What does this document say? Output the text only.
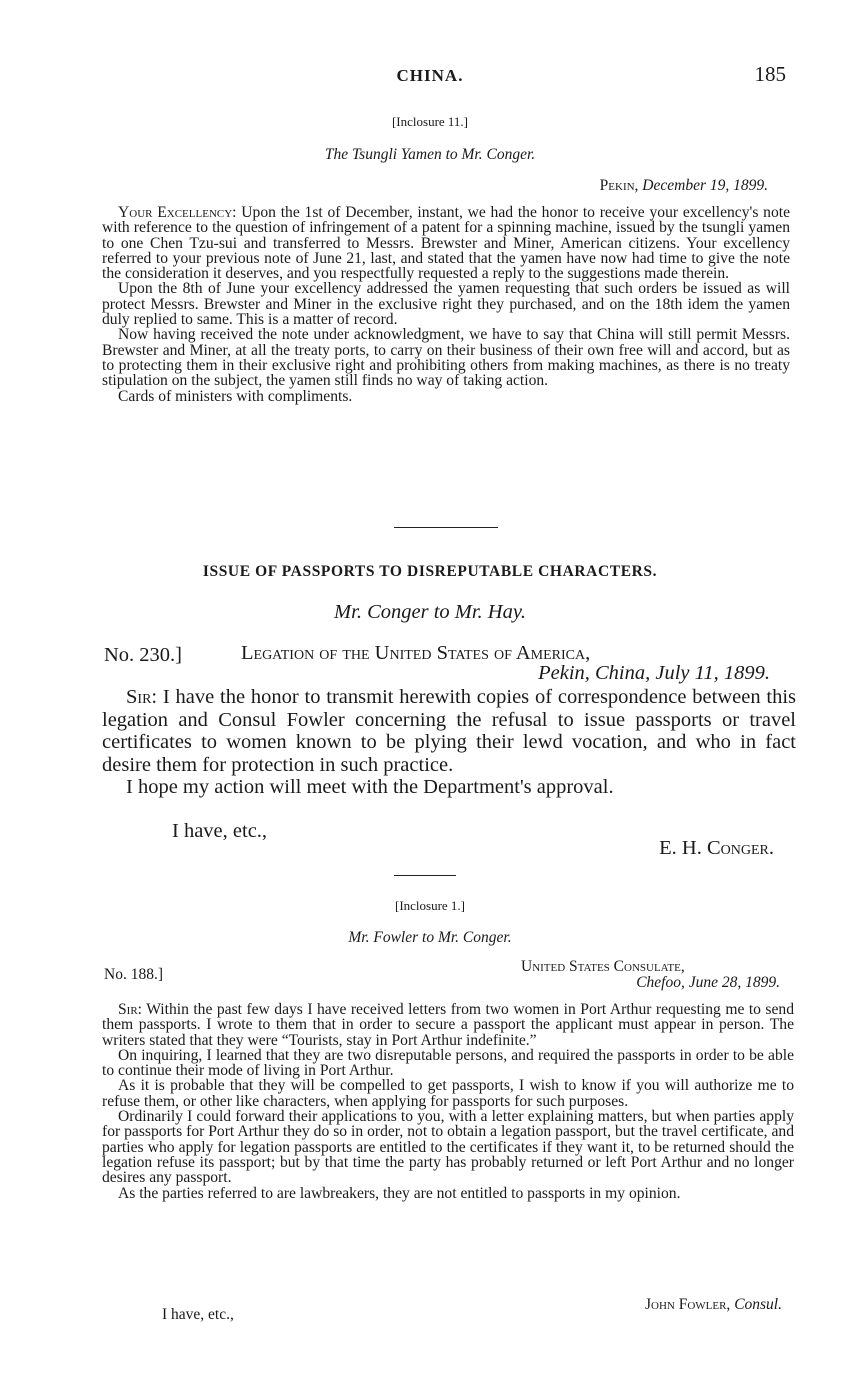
CHINA.	185
[Inclosure 11.]
The Tsungli Yamen to Mr. Conger.
Pekin, December 19, 1899.

Your Excellency: Upon the 1st of December, instant, we had the honor to receive your excellency's note with reference to the question of infringement of a patent for a spinning machine, issued by the tsungli yamen to one Chen Tzu-sui and transferred to Messrs. Brewster and Miner, American citizens. Your excellency referred to your previous note of June 21, last, and stated that the yamen have now had time to give the note the consideration it deserves, and you respectfully requested a reply to the suggestions made therein.

Upon the 8th of June your excellency addressed the yamen requesting that such orders be issued as will protect Messrs. Brewster and Miner in the exclusive right they purchased, and on the 18th idem the yamen duly replied to same. This is a matter of record.

Now having received the note under acknowledgment, we have to say that China will still permit Messrs. Brewster and Miner, at all the treaty ports, to carry on their business of their own free will and accord, but as to protecting them in their exclusive right and prohibiting others from making machines, as there is no treaty stipulation on the subject, the yamen still finds no way of taking action.

Cards of ministers with compliments.

ISSUE OF PASSPORTS TO DISREPUTABLE CHARACTERS.
Mr. Conger to Mr. Hay.
No. 230.]	Legation of the United States of America,
Pekin, China, July 11, 1899.

Sir: I have the honor to transmit herewith copies of correspondence between this legation and Consul Fowler concerning the refusal to issue passports or travel certificates to women known to be plying their lewd vocation, and who in fact desire them for protection in such practice.

I hope my action will meet with the Department's approval.

I have, etc.,
E. H. Conger.
[Inclosure 1.]
Mr. Fowler to Mr. Conger.
No. 188.]	United States Consulate,
Chefoo, June 28, 1899.

Sir: Within the past few days I have received letters from two women in Port Arthur requesting me to send them passports. I wrote to them that in order to secure a passport the applicant must appear in person. The writers stated that they were “Tourists, stay in Port Arthur indefinite.”

On inquiring, I learned that they are two disreputable persons, and required the passports in order to be able to continue their mode of living in Port Arthur.

As it is probable that they will be compelled to get passports, I wish to know if you will authorize me to refuse them, or other like characters, when applying for passports for such purposes.

Ordinarily I could forward their applications to you, with a letter explaining matters, but when parties apply for passports for Port Arthur they do so in order, not to obtain a legation passport, but the travel certificate, and parties who apply for legation passports are entitled to the certificates if they want it, to be returned should the legation refuse its passport; but by that time the party has probably returned or left Port Arthur and no longer desires any passport.

As the parties referred to are lawbreakers, they are not entitled to passports in my opinion.

I have, etc.,
John Fowler, Consul.
